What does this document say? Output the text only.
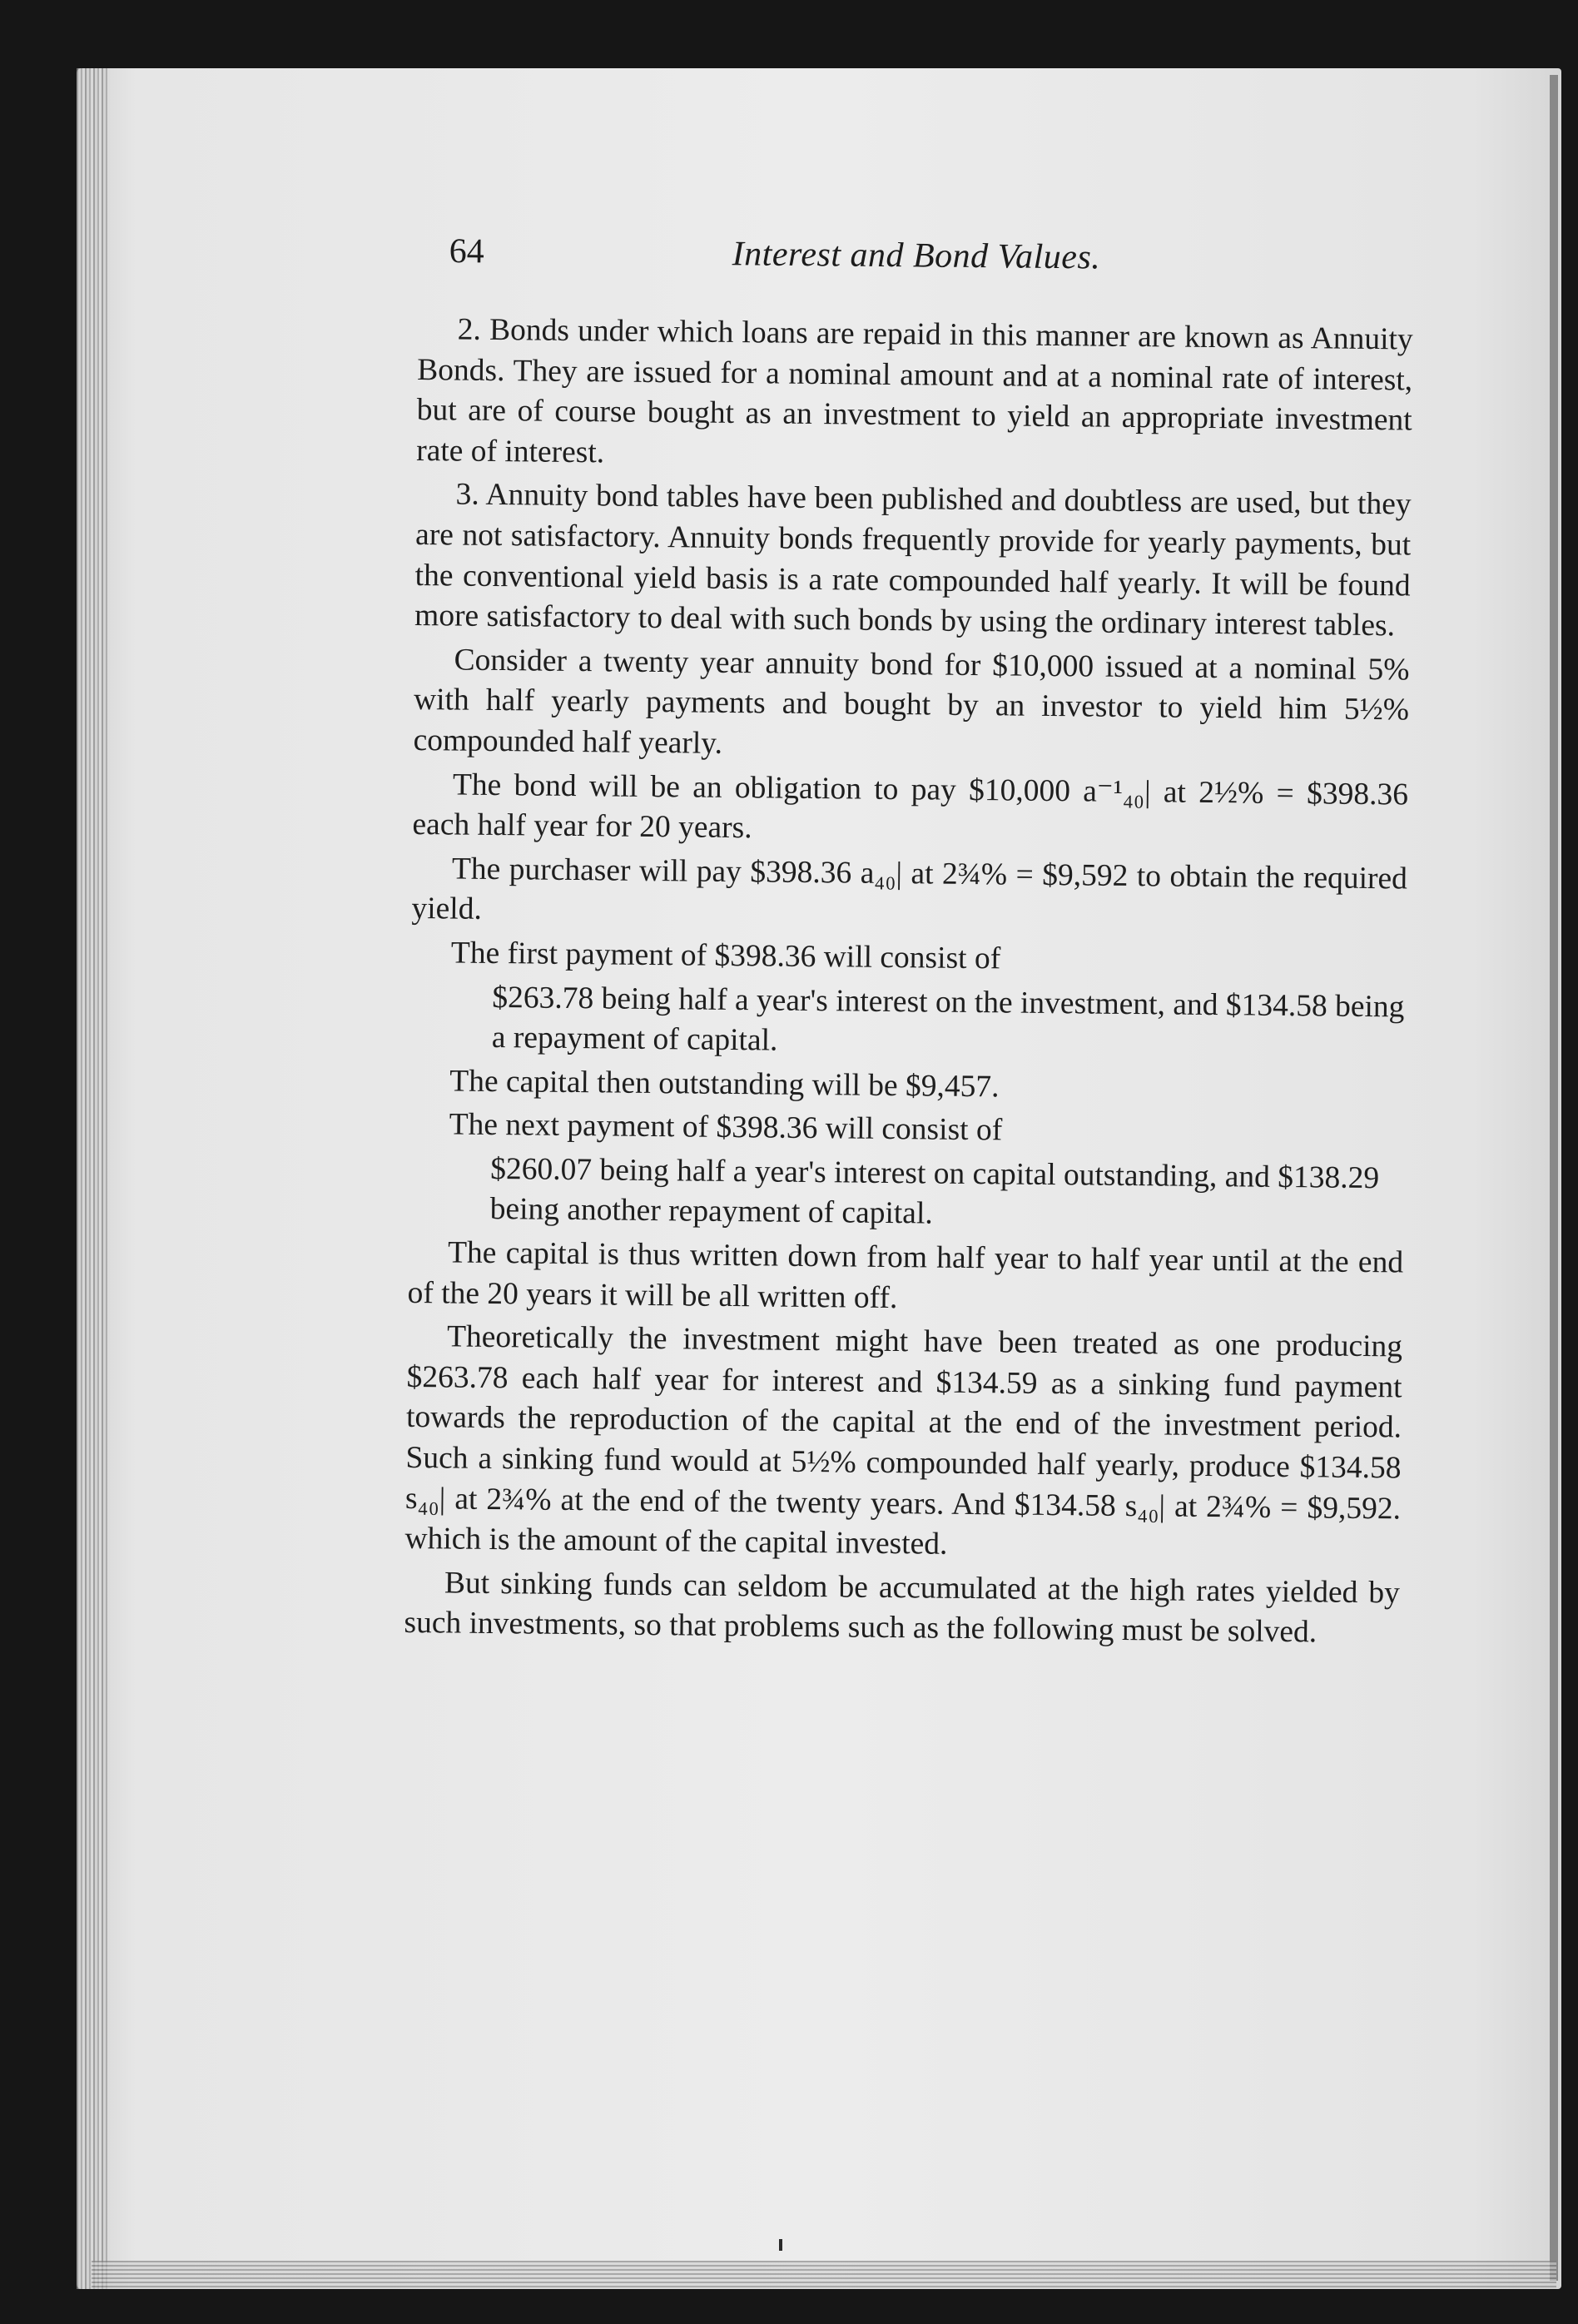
64	Interest and Bond Values.

2. Bonds under which loans are repaid in this manner are known as Annuity Bonds. They are issued for a nominal amount and at a nominal rate of interest, but are of course bought as an investment to yield an appropriate investment rate of interest.

3. Annuity bond tables have been published and doubtless are used, but they are not satisfactory. Annuity bonds frequently provide for yearly payments, but the conventional yield basis is a rate compounded half yearly. It will be found more satisfactory to deal with such bonds by using the ordinary interest tables.

Consider a twenty year annuity bond for $10,000 issued at a nominal 5% with half yearly payments and bought by an investor to yield him 5½% compounded half yearly.

The bond will be an obligation to pay $10,000 a⁻¹₄₀| at 2½% = $398.36 each half year for 20 years.

The purchaser will pay $398.36 a₄₀| at 2¾% = $9,592 to obtain the required yield.

The first payment of $398.36 will consist of

$263.78 being half a year's interest on the investment, and $134.58 being a repayment of capital.

The capital then outstanding will be $9,457.

The next payment of $398.36 will consist of

$260.07 being half a year's interest on capital outstanding, and $138.29 being another repayment of capital.

The capital is thus written down from half year to half year until at the end of the 20 years it will be all written off.

Theoretically the investment might have been treated as one producing $263.78 each half year for interest and $134.59 as a sinking fund payment towards the reproduction of the capital at the end of the investment period. Such a sinking fund would at 5½% compounded half yearly, produce $134.58 s₄₀| at 2¾% at the end of the twenty years. And $134.58 s₄₀| at 2¾% = $9,592. which is the amount of the capital invested.

But sinking funds can seldom be accumulated at the high rates yielded by such investments, so that problems such as the following must be solved.
